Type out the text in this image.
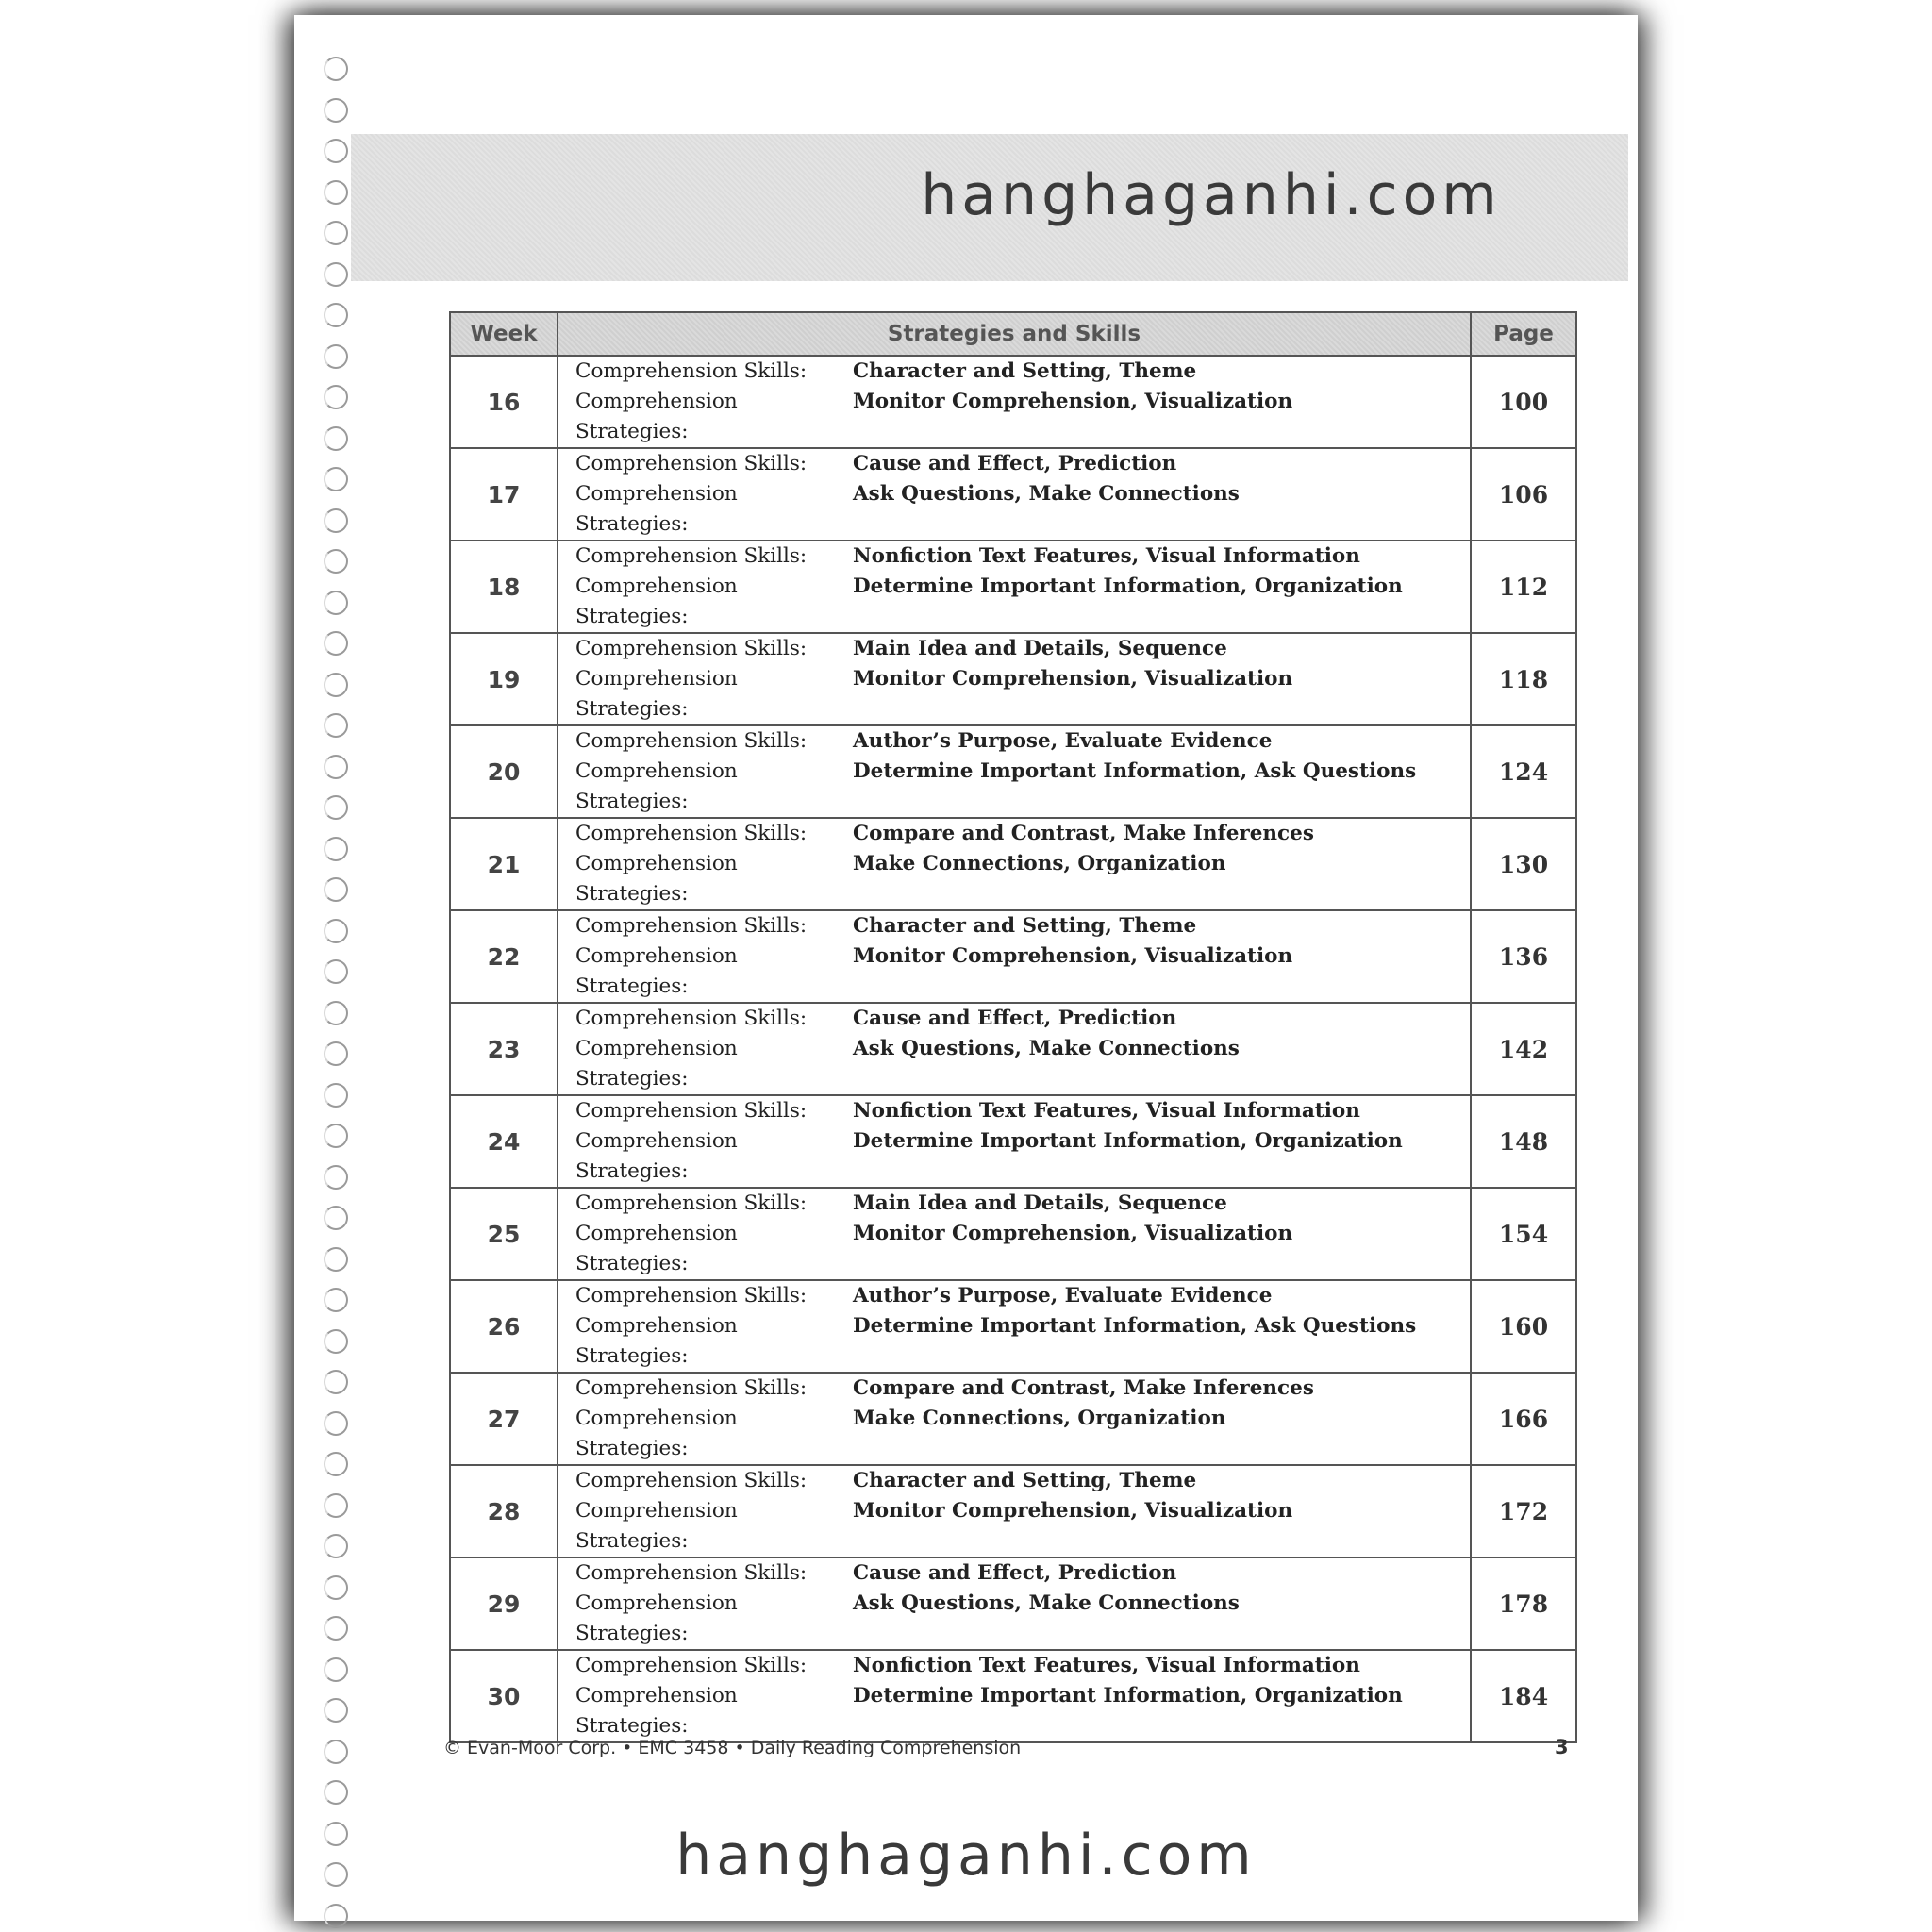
hanghaganhi.com
Week	Strategies and Skills	Page
16	Comprehension Skills: Character and Setting, Theme
Comprehension Strategies:
Monitor Comprehension, Visualization	100
17	Comprehension Skills: Cause and Effect, Prediction
Comprehension Strategies:
Ask Questions, Make Connections	106
18	Comprehension Skills: Nonfiction Text Features, Visual Information
Comprehension Strategies:
Determine Important Information, Organization	112
19	Comprehension Skills: Main Idea and Details, Sequence
Comprehension Strategies:
Monitor Comprehension, Visualization	118
20	Comprehension Skills: Author’s Purpose, Evaluate Evidence
Comprehension Strategies:
Determine Important Information, Ask Questions	124
21	Comprehension Skills: Compare and Contrast, Make Inferences
Comprehension Strategies:
Make Connections, Organization	130
22	Comprehension Skills: Character and Setting, Theme
Comprehension Strategies:
Monitor Comprehension, Visualization	136
23	Comprehension Skills: Cause and Effect, Prediction
Comprehension Strategies:
Ask Questions, Make Connections	142
24	Comprehension Skills: Nonfiction Text Features, Visual Information
Comprehension Strategies:
Determine Important Information, Organization	148
25	Comprehension Skills: Main Idea and Details, Sequence
Comprehension Strategies:
Monitor Comprehension, Visualization	154
26	Comprehension Skills: Author’s Purpose, Evaluate Evidence
Comprehension Strategies:
Determine Important Information, Ask Questions	160
27	Comprehension Skills: Compare and Contrast, Make Inferences
Comprehension Strategies:
Make Connections, Organization	166
28	Comprehension Skills: Character and Setting, Theme
Comprehension Strategies:
Monitor Comprehension, Visualization	172
29	Comprehension Skills: Cause and Effect, Prediction
Comprehension Strategies:
Ask Questions, Make Connections	178
30	Comprehension Skills: Nonfiction Text Features, Visual Information
Comprehension Strategies:
Determine Important Information, Organization	184
© Evan-Moor Corp. • EMC 3458 • Daily Reading Comprehension	3
hanghaganhi.com
